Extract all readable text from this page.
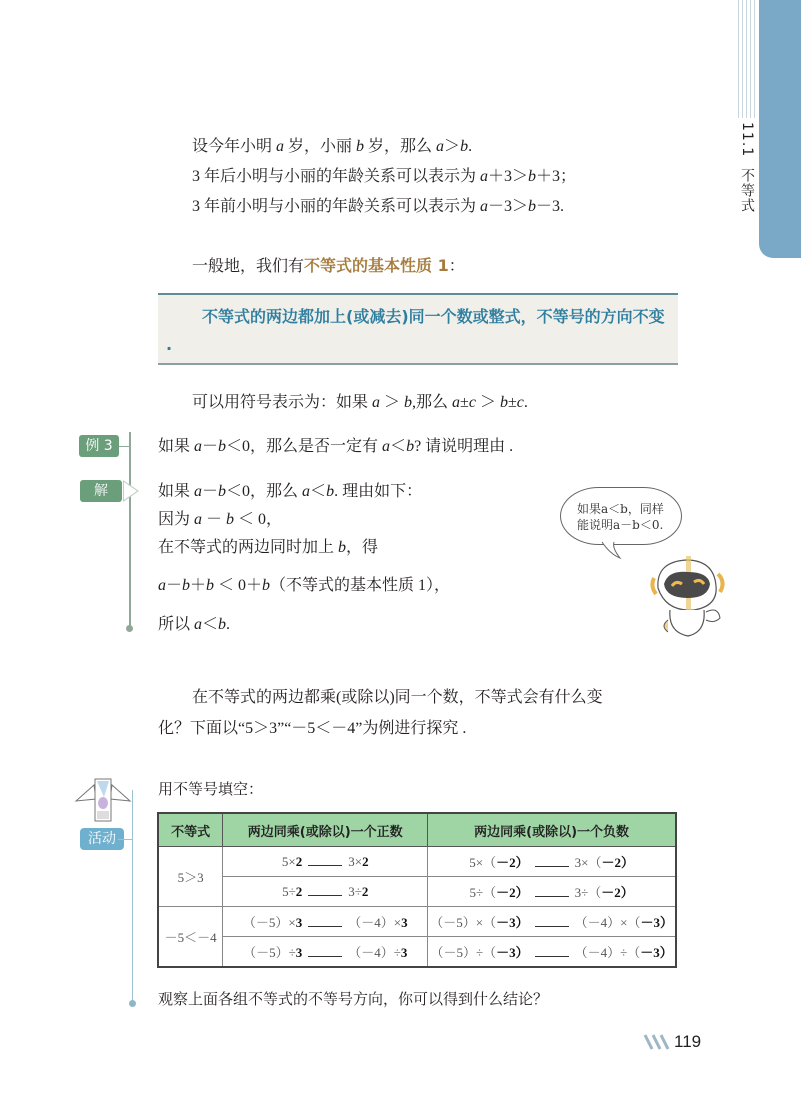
11.1  不等式
设今年小明 a 岁，小丽 b 岁，那么 a＞b.
3 年后小明与小丽的年龄关系可以表示为 a＋3＞b＋3；
3 年前小明与小丽的年龄关系可以表示为 a－3＞b－3.
一般地，我们有不等式的基本性质 1：
不等式的两边都加上(或减去)同一个数或整式，不等号的方向不变 .
可以用符号表示为：如果 a ＞ b,那么 a±c ＞ b±c.
例 3	如果 a－b＜0，那么是否一定有 a＜b? 请说明理由 .
解	如果 a－b＜0，那么 a＜b. 理由如下：
因为 a － b ＜ 0，
在不等式的两边同时加上 b，得
a－b＋b ＜ 0＋b（不等式的基本性质 1），
所以 a＜b.
如果a＜b，同样
能说明a－b＜0.
在不等式的两边都乘(或除以)同一个数，不等式会有什么变
化？下面以“5＞3”“－5＜－4”为例进行探究 .
活动
用不等号填空：
不等式	两边同乘(或除以)一个正数	两边同乘(或除以)一个负数
5＞3	5×2 3×2	5×（－2） 3×（－2）
	5÷2 3÷2	5÷（－2） 3÷（－2）
－5＜－4	（－5）×3 （－4）×3	（－5）×（－3） （－4）×（－3）
	（－5）÷3 （－4）÷3	（－5）÷（－3） （－4）÷（－3）
观察上面各组不等式的不等号方向，你可以得到什么结论？
119
